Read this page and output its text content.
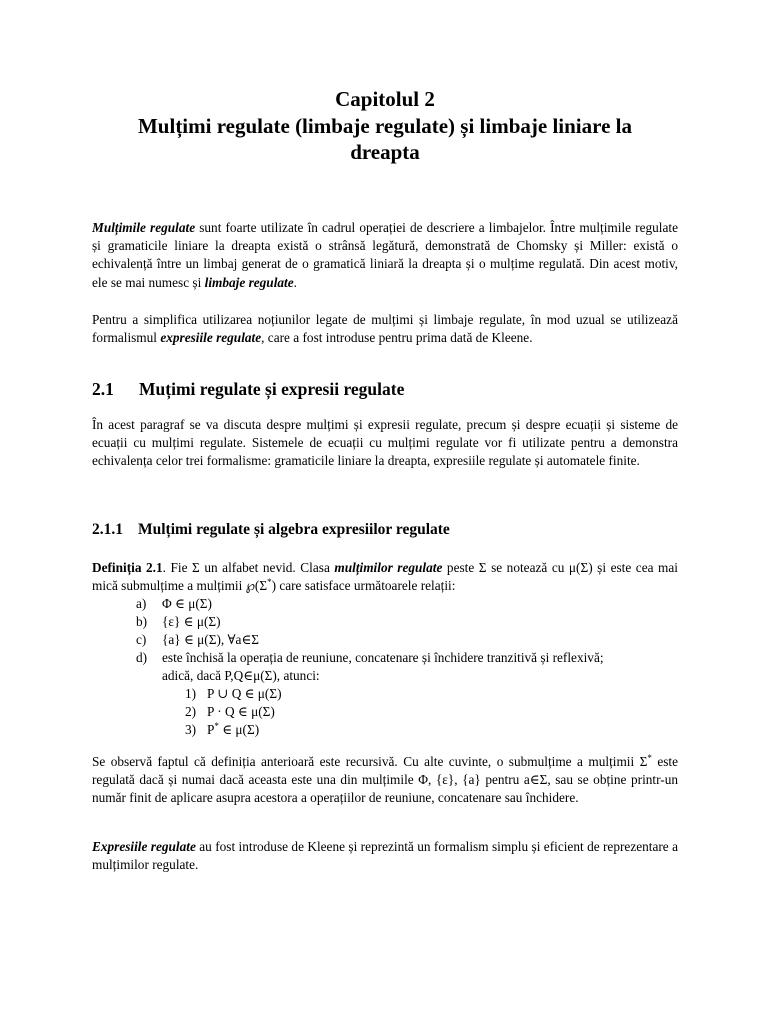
Capitolul 2
Mulțimi regulate (limbaje regulate) și limbaje liniare la
dreapta
Mulțimile regulate sunt foarte utilizate în cadrul operației de descriere a limbajelor. Între mulțimile regulate și gramaticile liniare la dreapta există o strânsă legătură, demonstrată de Chomsky și Miller: există o echivalență între un limbaj generat de o gramatică liniară la dreapta și o mulțime regulată. Din acest motiv, ele se mai numesc și limbaje regulate.
Pentru a simplifica utilizarea noțiunilor legate de mulțimi și limbaje regulate, în mod uzual se utilizează formalismul expresiile regulate, care a fost introduse pentru prima dată de Kleene.
2.1 Muțimi regulate și expresii regulate
În acest paragraf se va discuta despre mulțimi și expresii regulate, precum și despre ecuații și sisteme de ecuații cu mulțimi regulate. Sistemele de ecuații cu mulțimi regulate vor fi utilizate pentru a demonstra echivalența celor trei formalisme: gramaticile liniare la dreapta, expresiile regulate și automatele finite.
2.1.1 Mulțimi regulate și algebra expresiilor regulate
Definiția 2.1. Fie Σ un alfabet nevid. Clasa mulțimilor regulate peste Σ se notează cu μ(Σ) și este cea mai mică submulțime a mulțimii ℘(Σ*) care satisface următoarele relații:
a) Φ ∈ μ(Σ)
b) {ε} ∈ μ(Σ)
c) {a} ∈ μ(Σ), ∀a∈Σ
d) este închisă la operația de reuniune, concatenare și închidere tranzitivă și reflexivă;
adică, dacă P,Q∈μ(Σ), atunci:
1) P ∪ Q ∈ μ(Σ)
2) P · Q ∈ μ(Σ)
3) P* ∈ μ(Σ)
Se observă faptul că definiția anterioară este recursivă. Cu alte cuvinte, o submulțime a mulțimii Σ* este regulată dacă și numai dacă aceasta este una din mulțimile Φ, {ε}, {a} pentru a∈Σ, sau se obține printr-un număr finit de aplicare asupra acestora a operațiilor de reuniune, concatenare sau închidere.
Expresiile regulate au fost introduse de Kleene și reprezintă un formalism simplu și eficient de reprezentare a mulțimilor regulate.
